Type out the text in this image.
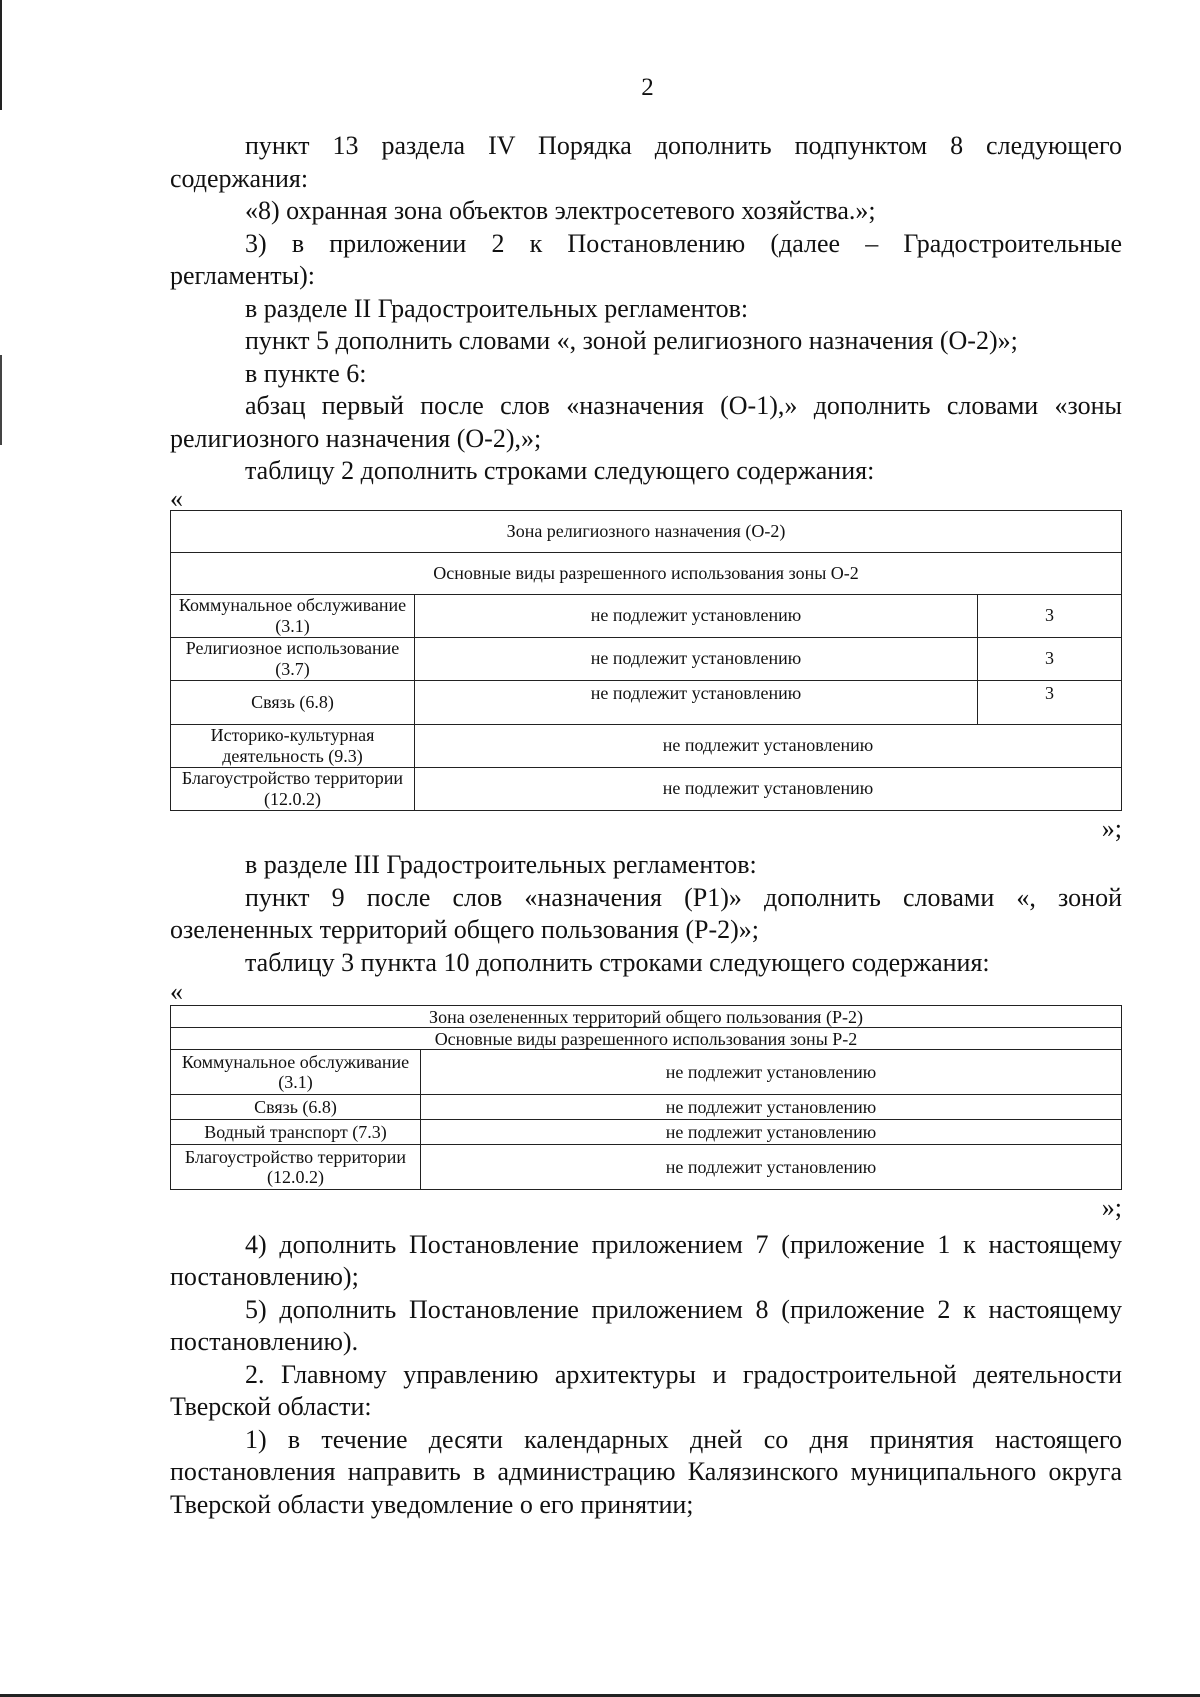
2

пункт 13 раздела IV Порядка дополнить подпунктом 8 следующего содержания:

«8) охранная зона объектов электросетевого хозяйства.»;

3) в приложении 2 к Постановлению (далее – Градостроительные регламенты):

в разделе II Градостроительных регламентов:

пункт 5 дополнить словами «, зоной религиозного назначения (О-2)»;

в пункте 6:

абзац первый после слов «назначения (О-1),» дополнить словами «зоны религиозного назначения (О-2),»;

таблицу 2 дополнить строками следующего содержания:

«

Зона религиозного назначения (О-2)		
Основные виды разрешенного использования зоны О-2		
Коммунальное обслуживание (3.1)	не подлежит установлению	3
Религиозное использование (3.7)	не подлежит установлению	3
Связь (6.8)	не подлежит установлению	3
Историко-культурная деятельность (9.3)	не подлежит установлению	
Благоустройство территории (12.0.2)	не подлежит установлению	

»;

в разделе III Градостроительных регламентов:

пункт 9 после слов «назначения (Р1)» дополнить словами «, зоной озелененных территорий общего пользования (Р-2)»;

таблицу 3 пункта 10 дополнить строками следующего содержания:

«

Зона озелененных территорий общего пользования (Р-2)	
Основные виды разрешенного использования зоны Р-2	
Коммунальное обслуживание (3.1)	не подлежит установлению
Связь (6.8)	не подлежит установлению
Водный транспорт (7.3)	не подлежит установлению
Благоустройство территории (12.0.2)	не подлежит установлению

»;

4) дополнить Постановление приложением 7 (приложение 1 к настоящему постановлению);

5) дополнить Постановление приложением 8 (приложение 2 к настоящему постановлению).

2. Главному управлению архитектуры и градостроительной деятельности Тверской области:

1) в течение десяти календарных дней со дня принятия настоящего постановления направить в администрацию Калязинского муниципального округа Тверской области уведомление о его принятии;
